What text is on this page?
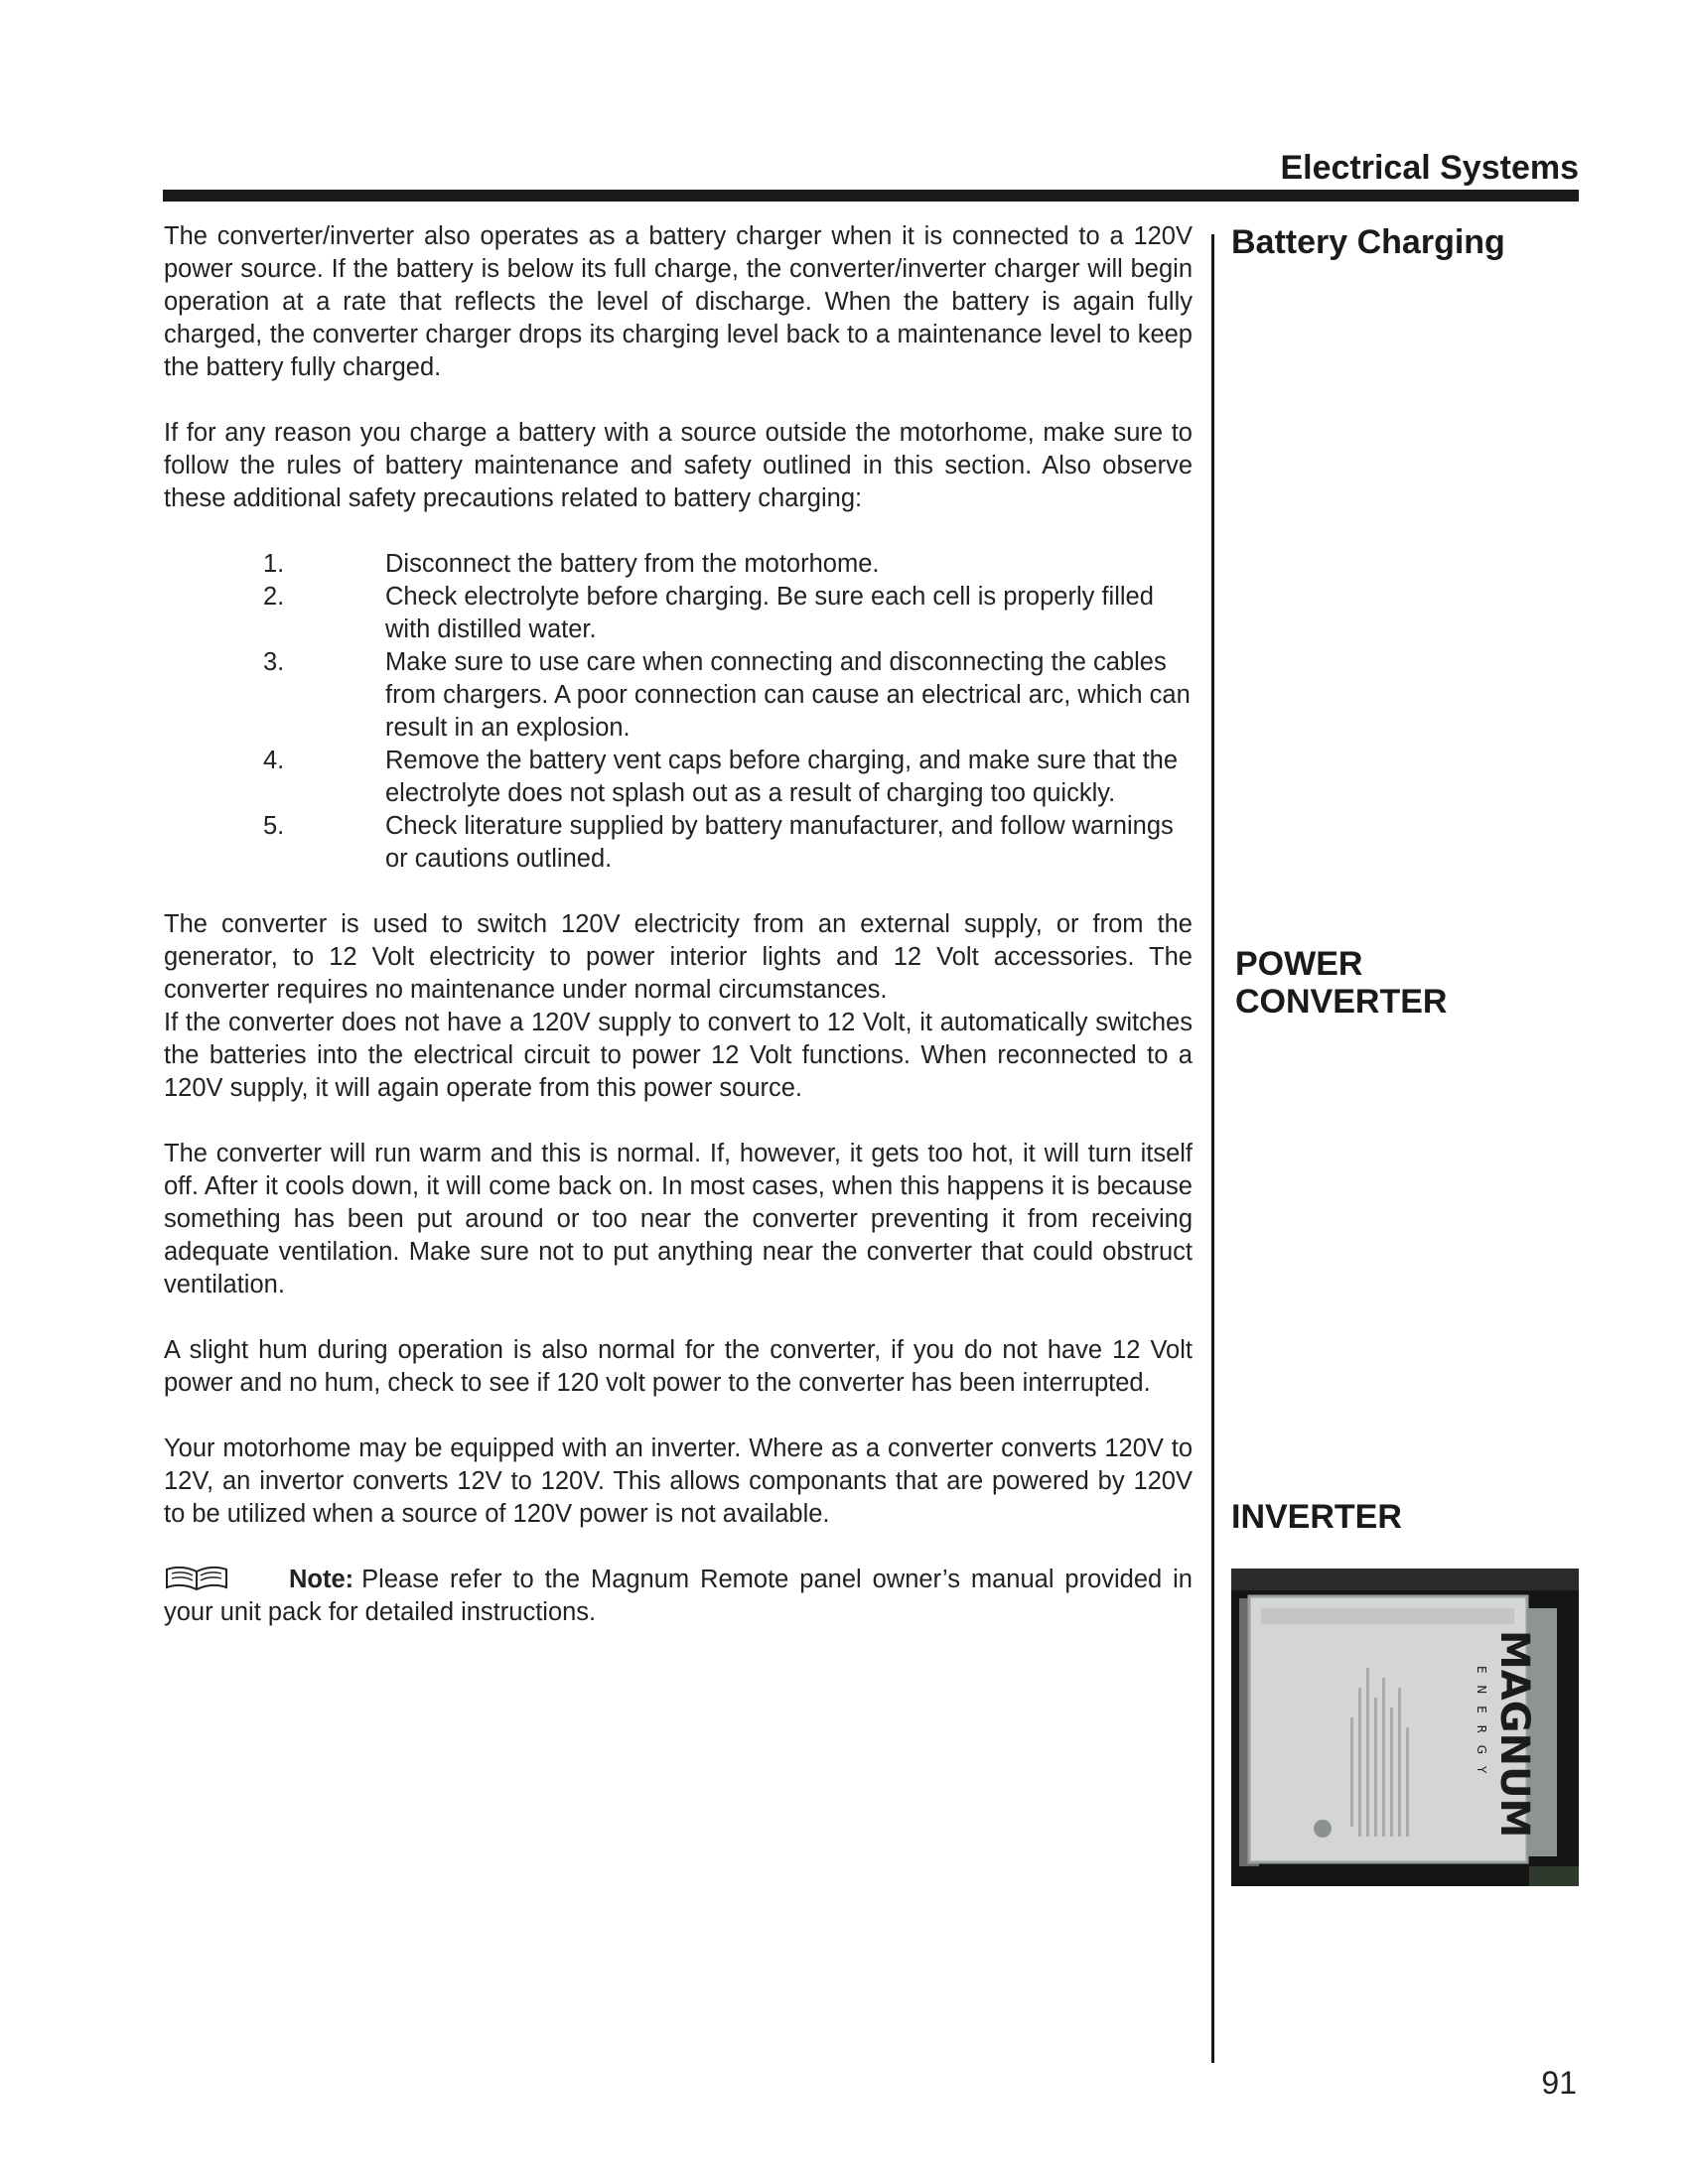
Electrical Systems
Battery Charging
POWER
CONVERTER
INVERTER

The converter/inverter also operates as a battery charger when it is connected to a 120V power source. If the battery is below its full charge, the converter/inverter charger will begin operation at a rate that reflects the level of discharge. When the battery is again fully charged, the converter charger drops its charging level back to a maintenance level to keep the battery fully charged.

If for any reason you charge a battery with a source outside the motorhome, make sure to follow the rules of battery maintenance and safety outlined in this section. Also observe these additional safety precautions related to battery charging:

1.	Disconnect the battery from the motorhome.
2.	Check electrolyte before charging. Be sure each cell is properly filled with distilled water.
3.	Make sure to use care when connecting and disconnecting the cables from chargers. A poor connection can cause an electrical arc, which can result in an explosion.
4.	Remove the battery vent caps before charging, and make sure that the electrolyte does not splash out as a result of charging too quickly.
5.	Check literature supplied by battery manufacturer, and follow warnings or cautions outlined.

The converter is used to switch 120V electricity from an external supply, or from the generator, to 12 Volt electricity to power interior lights and 12 Volt accessories. The converter requires no maintenance under normal circumstances.

If the converter does not have a 120V supply to convert to 12 Volt, it automatically switches the batteries into the electrical circuit to power 12 Volt functions. When reconnected to a 120V supply, it will again operate from this power source.

The converter will run warm and this is normal. If, however, it gets too hot, it will turn itself off. After it cools down, it will come back on. In most cases, when this happens it is because something has been put around or too near the converter preventing it from receiving adequate ventilation. Make sure not to put anything near the converter that could obstruct ventilation.

A slight hum during operation is also normal for the converter, if you do not have 12 Volt power and no hum, check to see if 120 volt power to the converter has been interrupted.

Your motorhome may be equipped with an inverter. Where as a converter converts 120V to 12V, an invertor converts 12V to 120V. This allows componants that are powered by 120V to be utilized when a source of 120V power is not available.

Note: Please refer to the Magnum Remote panel owner’s manual provided in your unit pack for detailed instructions.

MAGNUM
E N E R G Y
91
